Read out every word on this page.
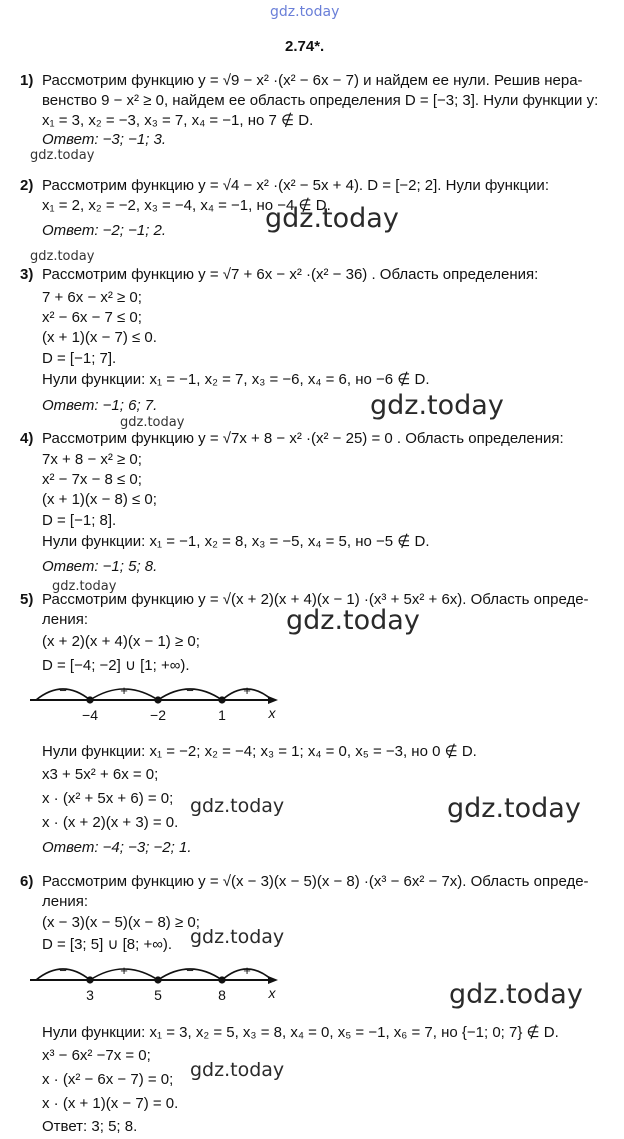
gdz.today
2.74*.
1) Рассмотрим функцию y = √9 − x² ·(x² − 6x − 7) и найдем ее нули. Решив нера-
венство 9 − x² ≥ 0, найдем ее область определения D = [−3; 3]. Нули функции y:
x₁ = 3, x₂ = −3, x₃ = 7, x₄ = −1, но 7 ∉ D.
Ответ: −3; −1; 3.
gdz.today
2) Рассмотрим функцию y = √4 − x² ·(x² − 5x + 4). D = [−2; 2]. Нули функции:
x₁ = 2, x₂ = −2, x₃ = −4, x₄ = −1, но −4 ∉ D.
Ответ: −2; −1; 2.	gdz.today
gdz.today
3) Рассмотрим функцию y = √7 + 6x − x² ·(x² − 36) . Область определения:
7 + 6x − x² ≥ 0;
x² − 6x − 7 ≤ 0;
(x + 1)(x − 7) ≤ 0.
D = [−1; 7].
Нули функции: x₁ = −1, x₂ = 7, x₃ = −6, x₄ = 6, но −6 ∉ D.
Ответ: −1; 6; 7.	gdz.today
gdz.today
4) Рассмотрим функцию y = √7x + 8 − x² ·(x² − 25) = 0 . Область определения:
7x + 8 − x² ≥ 0;
x² − 7x − 8 ≤ 0;
(x + 1)(x − 8) ≤ 0;
D = [−1; 8].
Нули функции: x₁ = −1, x₂ = 8, x₃ = −5, x₄ = 5, но −5 ∉ D.
Ответ: −1; 5; 8.
gdz.today
5) Рассмотрим функцию y = √(x + 2)(x + 4)(x − 1) ·(x³ + 5x² + 6x). Область опреде-
ления:
(x + 2)(x + 4)(x − 1) ≥ 0;
D = [−4; −2] ∪ [1; +∞).
−	+	−	+
−4	−2	1	x
Нули функции: x₁ = −2; x₂ = −4; x₃ = 1; x₄ = 0, x₅ = −3, но 0 ∉ D.
x3 + 5x² + 6x = 0;
x · (x² + 5x + 6) = 0;
x · (x + 2)(x + 3) = 0.
Ответ: −4; −3; −2; 1.
gdz.today
gdz.today	gdz.today
6) Рассмотрим функцию y = √(x − 3)(x − 5)(x − 8) ·(x³ − 6x² − 7x). Область опреде-
ления:
(x − 3)(x − 5)(x − 8) ≥ 0;
D = [3; 5] ∪ [8; +∞).
−	+	−	+
3	5	8	x
Нули функции: x₁ = 3, x₂ = 5, x₃ = 8, x₄ = 0, x₅ = −1, x₆ = 7, но {−1; 0; 7} ∉ D.
x³ − 6x² −7x = 0;
x · (x² − 6x − 7) = 0;
x · (x + 1)(x − 7) = 0.
Ответ: 3; 5; 8.
gdz.today
gdz.today
gdz.today
